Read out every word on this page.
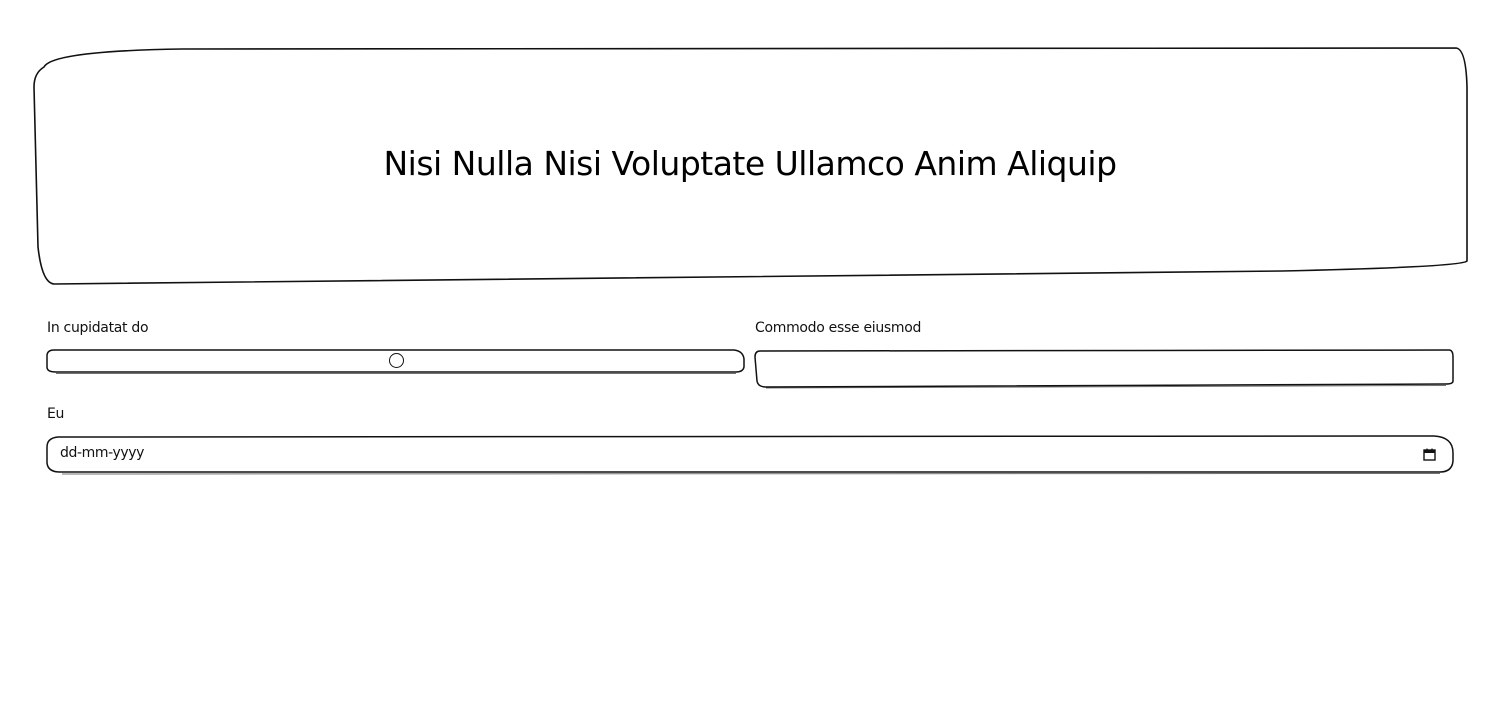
Nisi Nulla Nisi Voluptate Ullamco Anim Aliquip
In cupidatat do	Commodo esse eiusmod
Eu
dd-mm-yyyy
